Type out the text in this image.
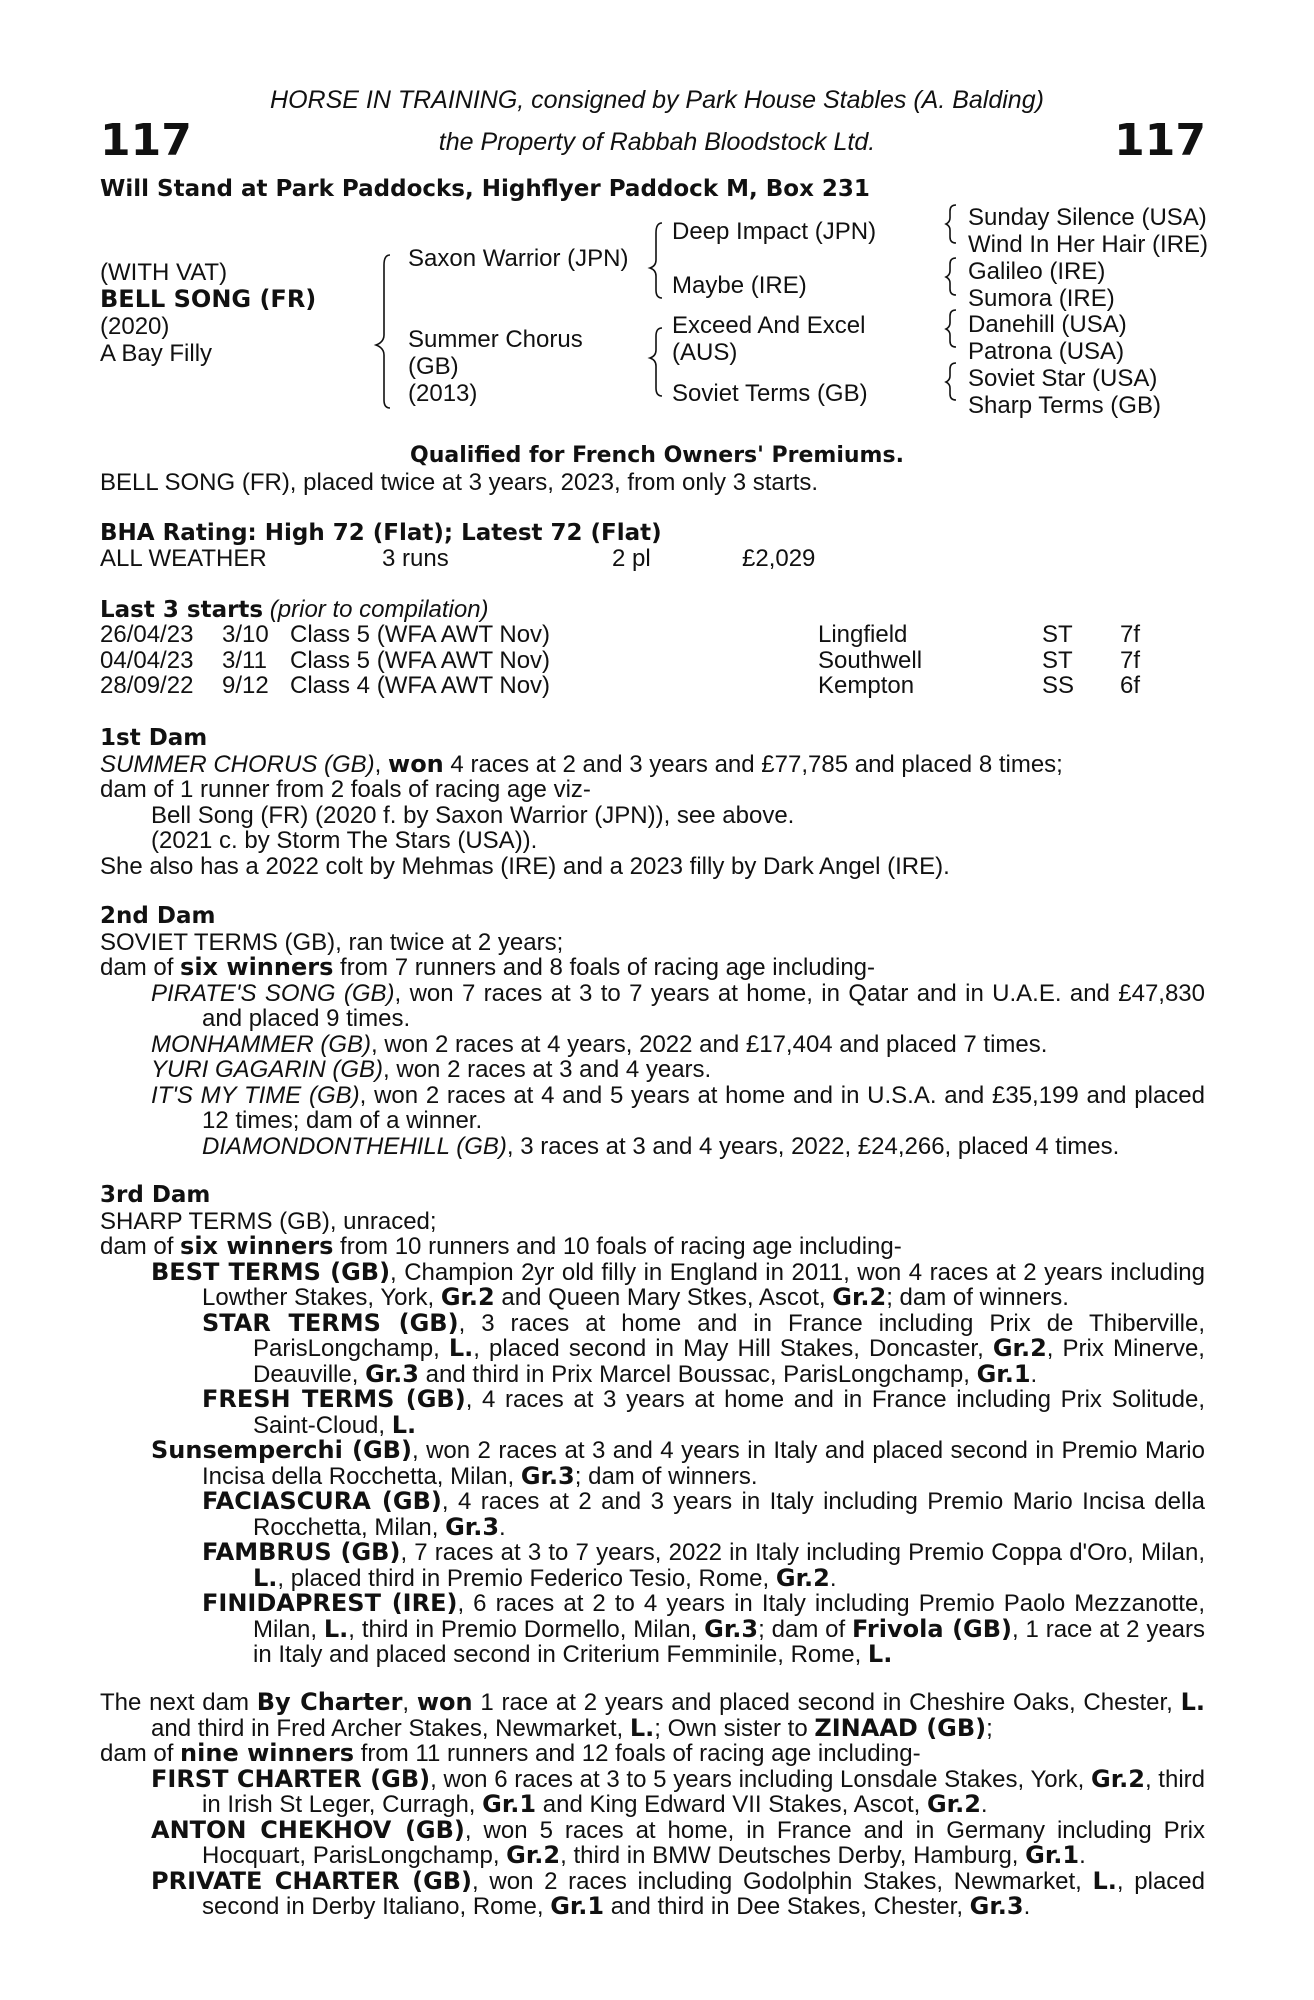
117	117
HORSE IN TRAINING, consigned by Park House Stables (A. Balding)
the Property of Rabbah Bloodstock Ltd.
Will Stand at Park Paddocks, Highflyer Paddock M, Box 231
(WITH VAT)
BELL SONG (FR)
(2020)
A Bay Filly
Saxon Warrior (JPN)
Summer Chorus
(GB)
(2013)
Deep Impact (JPN)
Maybe (IRE)
Exceed And Excel
(AUS)
Soviet Terms (GB)
Sunday Silence (USA)
Wind In Her Hair (IRE)
Galileo (IRE)
Sumora (IRE)
Danehill (USA)
Patrona (USA)
Soviet Star (USA)
Sharp Terms (GB)
Qualified for French Owners' Premiums.
BELL SONG (FR), placed twice at 3 years, 2023, from only 3 starts.
BHA Rating: High 72 (Flat); Latest 72 (Flat)
ALL WEATHER	3 runs	2 pl	£2,029
Last 3 starts (prior to compilation)
26/04/23	3/10	Class 5 (WFA AWT Nov)	Lingfield	ST	7f
04/04/23	3/11	Class 5 (WFA AWT Nov)	Southwell	ST	7f
28/09/22	9/12	Class 4 (WFA AWT Nov)	Kempton	SS	6f

1st Dam

SUMMER CHORUS (GB), won 4 races at 2 and 3 years and £77,785 and placed 8 times;

dam of 1 runner from 2 foals of racing age viz-

Bell Song (FR) (2020 f. by Saxon Warrior (JPN)), see above.

(2021 c. by Storm The Stars (USA)).

She also has a 2022 colt by Mehmas (IRE) and a 2023 filly by Dark Angel (IRE).

2nd Dam

SOVIET TERMS (GB), ran twice at 2 years;

dam of six winners from 7 runners and 8 foals of racing age including-

PIRATE'S SONG (GB), won 7 races at 3 to 7 years at home, in Qatar and in U.A.E. and £47,830 and placed 9 times.

MONHAMMER (GB), won 2 races at 4 years, 2022 and £17,404 and placed 7 times.

YURI GAGARIN (GB), won 2 races at 3 and 4 years.

IT'S MY TIME (GB), won 2 races at 4 and 5 years at home and in U.S.A. and £35,199 and placed 12 times; dam of a winner.

DIAMONDONTHEHILL (GB), 3 races at 3 and 4 years, 2022, £24,266, placed 4 times.

3rd Dam

SHARP TERMS (GB), unraced;

dam of six winners from 10 runners and 10 foals of racing age including-

BEST TERMS (GB), Champion 2yr old filly in England in 2011, won 4 races at 2 years including Lowther Stakes, York, Gr.2 and Queen Mary Stkes, Ascot, Gr.2; dam of winners.

STAR TERMS (GB), 3 races at home and in France including Prix de Thiberville, ParisLongchamp, L., placed second in May Hill Stakes, Doncaster, Gr.2, Prix Minerve, Deauville, Gr.3 and third in Prix Marcel Boussac, ParisLongchamp, Gr.1.

FRESH TERMS (GB), 4 races at 3 years at home and in France including Prix Solitude, Saint-Cloud, L.

Sunsemperchi (GB), won 2 races at 3 and 4 years in Italy and placed second in Premio Mario Incisa della Rocchetta, Milan, Gr.3; dam of winners.

FACIASCURA (GB), 4 races at 2 and 3 years in Italy including Premio Mario Incisa della Rocchetta, Milan, Gr.3.

FAMBRUS (GB), 7 races at 3 to 7 years, 2022 in Italy including Premio Coppa d'Oro, Milan, L., placed third in Premio Federico Tesio, Rome, Gr.2.

FINIDAPREST (IRE), 6 races at 2 to 4 years in Italy including Premio Paolo Mezzanotte, Milan, L., third in Premio Dormello, Milan, Gr.3; dam of Frivola (GB), 1 race at 2 years in Italy and placed second in Criterium Femminile, Rome, L.

The next dam By Charter, won 1 race at 2 years and placed second in Cheshire Oaks, Chester, L. and third in Fred Archer Stakes, Newmarket, L.; Own sister to ZINAAD (GB);

dam of nine winners from 11 runners and 12 foals of racing age including-

FIRST CHARTER (GB), won 6 races at 3 to 5 years including Lonsdale Stakes, York, Gr.2, third in Irish St Leger, Curragh, Gr.1 and King Edward VII Stakes, Ascot, Gr.2.

ANTON CHEKHOV (GB), won 5 races at home, in France and in Germany including Prix Hocquart, ParisLongchamp, Gr.2, third in BMW Deutsches Derby, Hamburg, Gr.1.

PRIVATE CHARTER (GB), won 2 races including Godolphin Stakes, Newmarket, L., placed second in Derby Italiano, Rome, Gr.1 and third in Dee Stakes, Chester, Gr.3.
